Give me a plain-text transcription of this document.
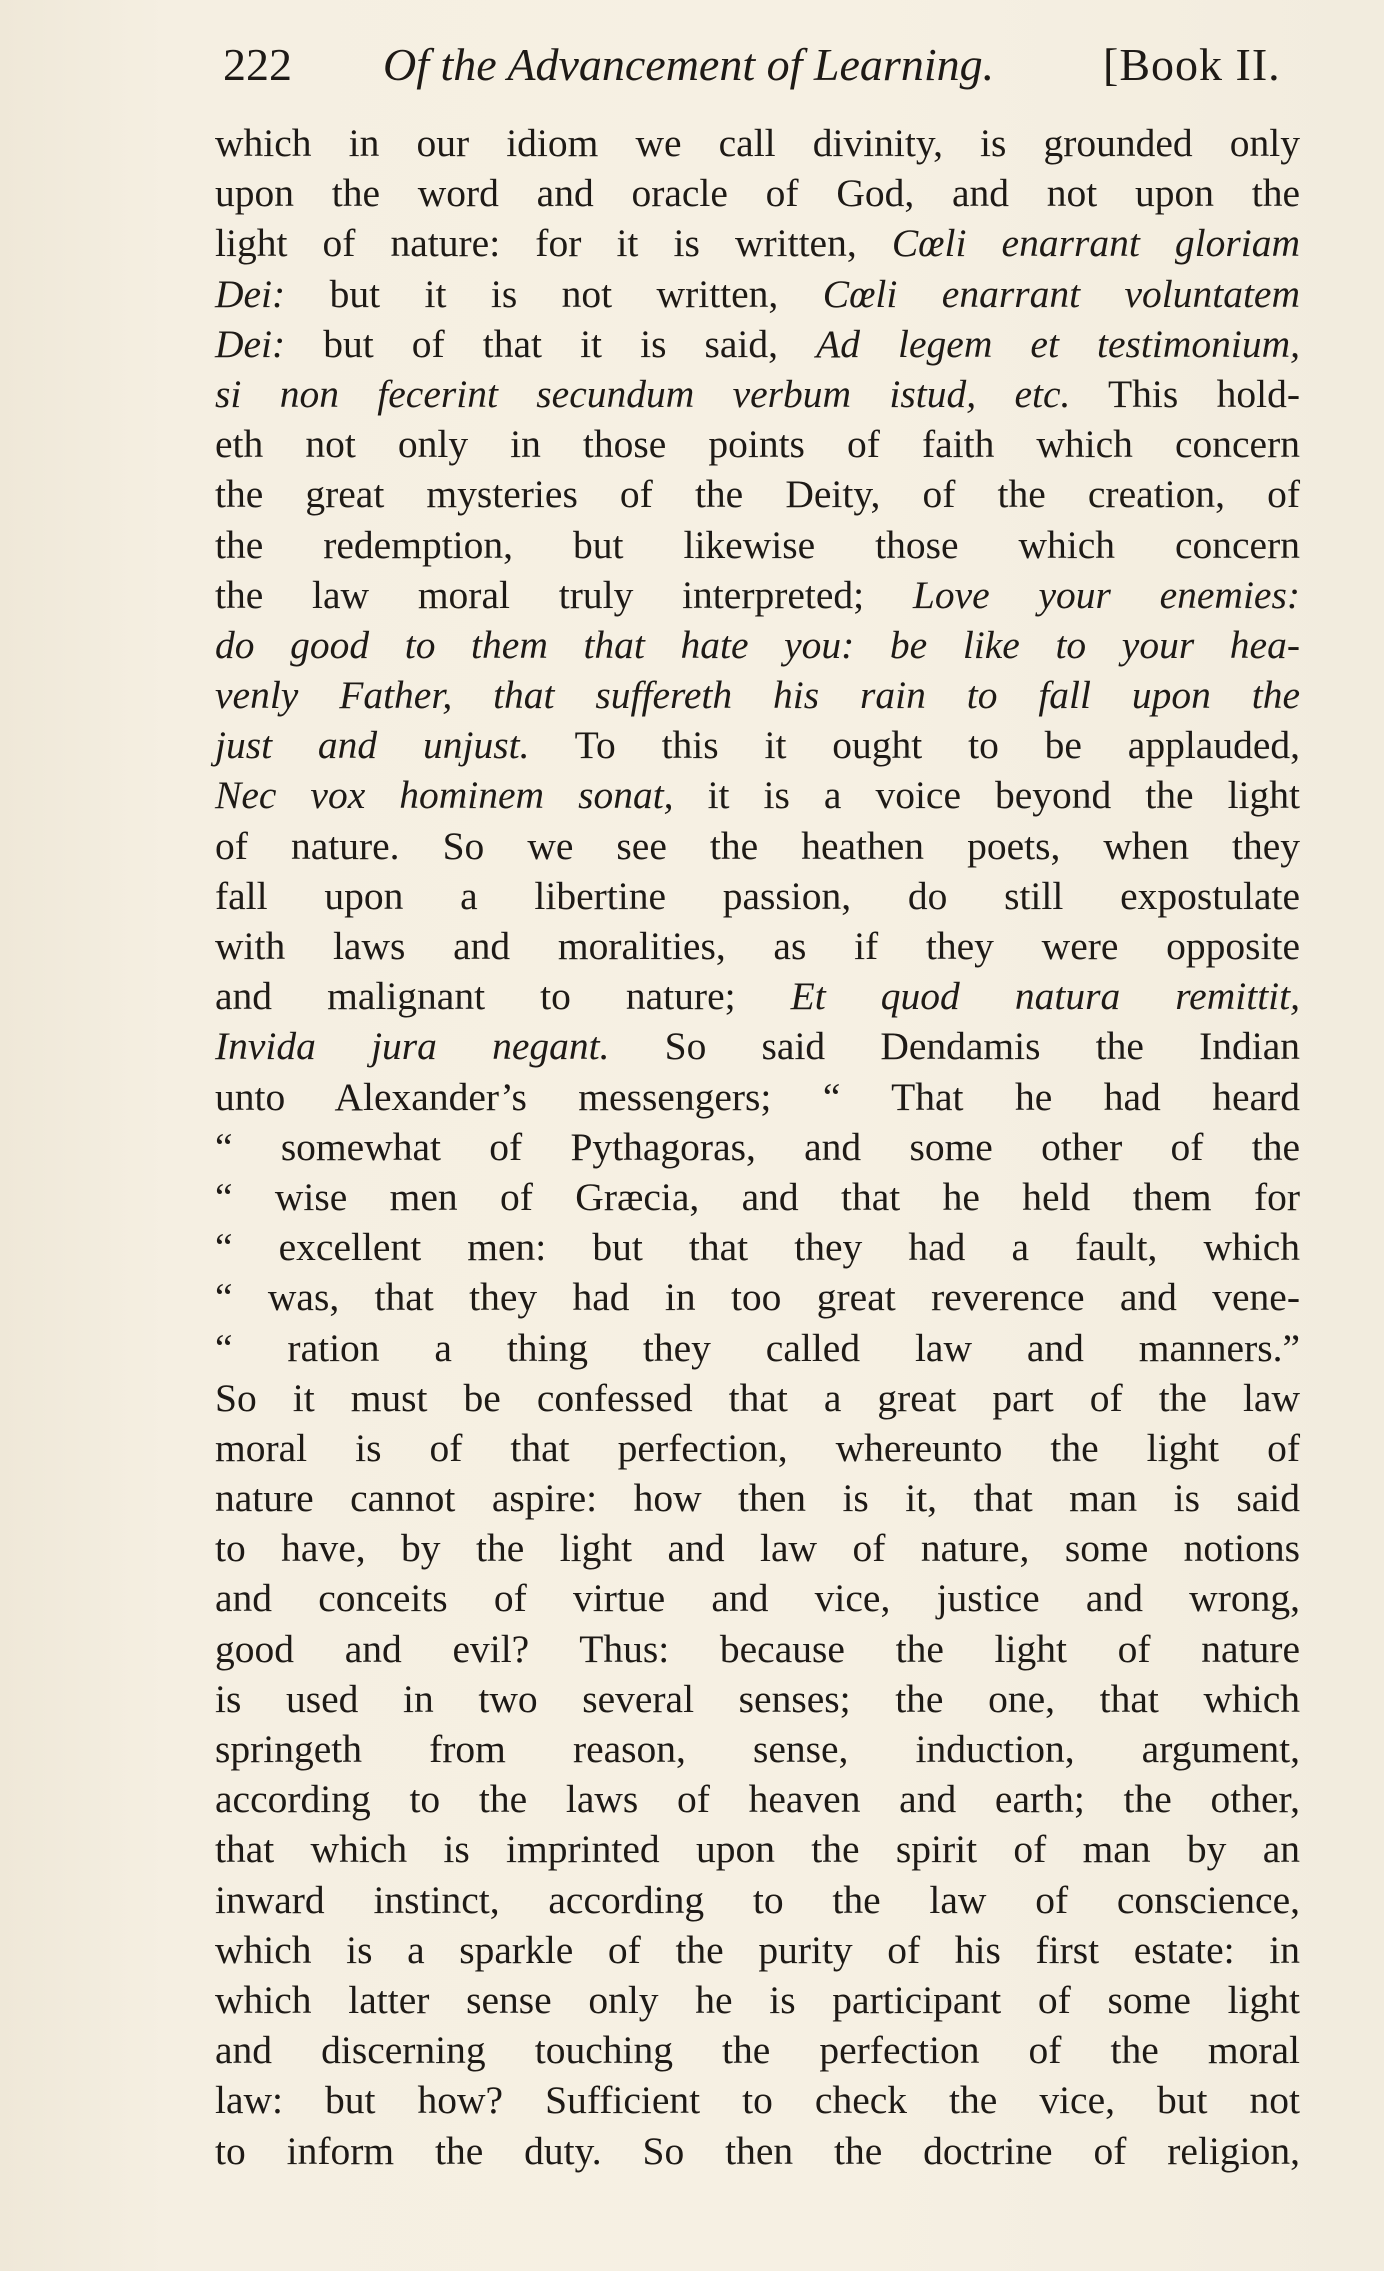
222 Of the Advancement of Learning. [Book II.
which in our idiom we call divinity, is grounded only
upon the word and oracle of God, and not upon the
light of nature: for it is written, Cœli enarrant gloriam
Dei: but it is not written, Cœli enarrant voluntatem
Dei: but of that it is said, Ad legem et testimonium,
si non fecerint secundum verbum istud, etc. This hold-
eth not only in those points of faith which concern
the great mysteries of the Deity, of the creation, of
the redemption, but likewise those which concern
the law moral truly interpreted; Love your enemies:
do good to them that hate you: be like to your hea-
venly Father, that suffereth his rain to fall upon the
just and unjust. To this it ought to be applauded,
Nec vox hominem sonat, it is a voice beyond the light
of nature. So we see the heathen poets, when they
fall upon a libertine passion, do still expostulate
with laws and moralities, as if they were opposite
and malignant to nature; Et quod natura remittit,
Invida jura negant. So said Dendamis the Indian
unto Alexander’s messengers; “ That he had heard
“ somewhat of Pythagoras, and some other of the
“ wise men of Græcia, and that he held them for
“ excellent men: but that they had a fault, which
“ was, that they had in too great reverence and vene-
“ ration a thing they called law and manners.”
So it must be confessed that a great part of the law
moral is of that perfection, whereunto the light of
nature cannot aspire: how then is it, that man is said
to have, by the light and law of nature, some notions
and conceits of virtue and vice, justice and wrong,
good and evil? Thus: because the light of nature
is used in two several senses; the one, that which
springeth from reason, sense, induction, argument,
according to the laws of heaven and earth; the other,
that which is imprinted upon the spirit of man by an
inward instinct, according to the law of conscience,
which is a sparkle of the purity of his first estate: in
which latter sense only he is participant of some light
and discerning touching the perfection of the moral
law: but how? Sufficient to check the vice, but not
to inform the duty. So then the doctrine of religion,
